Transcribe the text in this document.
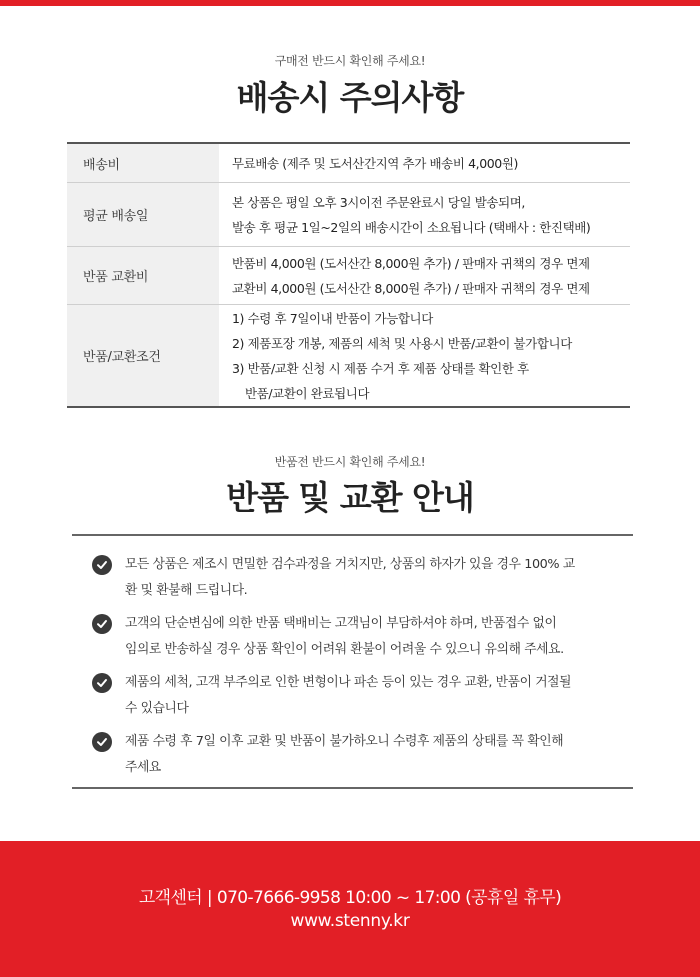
구매전 반드시 확인해 주세요!
배송시 주의사항
배송비	무료배송 (제주 및 도서산간지역 추가 배송비 4,000원)
평균 배송일
본 상품은 평일 오후 3시이전 주문완료시 당일 발송되며,
발송 후 평균 1일~2일의 배송시간이 소요됩니다 (택배사 : 한진택배)
반품 교환비
반품비 4,000원 (도서산간 8,000원 추가) / 판매자 귀책의 경우 면제
교환비 4,000원 (도서산간 8,000원 추가) / 판매자 귀책의 경우 면제
반품/교환조건
1) 수령 후 7일이내 반품이 가능합니다
2) 제품포장 개봉, 제품의 세척 및 사용시 반품/교환이 불가합니다
3) 반품/교환 신청 시 제품 수거 후 제품 상태를 확인한 후
반품/교환이 완료됩니다
반품전 반드시 확인해 주세요!
반품 및 교환 안내
모든 상품은 제조시 면밀한 검수과정을 거치지만, 상품의 하자가 있을 경우 100% 교
환 및 환불해 드립니다.
고객의 단순변심에 의한 반품 택배비는 고객님이 부담하셔야 하며, 반품접수 없이
임의로 반송하실 경우 상품 확인이 어려워 환불이 어려울 수 있으니 유의해 주세요.
제품의 세척, 고객 부주의로 인한 변형이나 파손 등이 있는 경우 교환, 반품이 거절될
수 있습니다
제품 수령 후 7일 이후 교환 및 반품이 불가하오니 수령후 제품의 상태를 꼭 확인해
주세요
고객센터 | 070-7666-9958 10:00 ~ 17:00 (공휴일 휴무)
www.stenny.kr
